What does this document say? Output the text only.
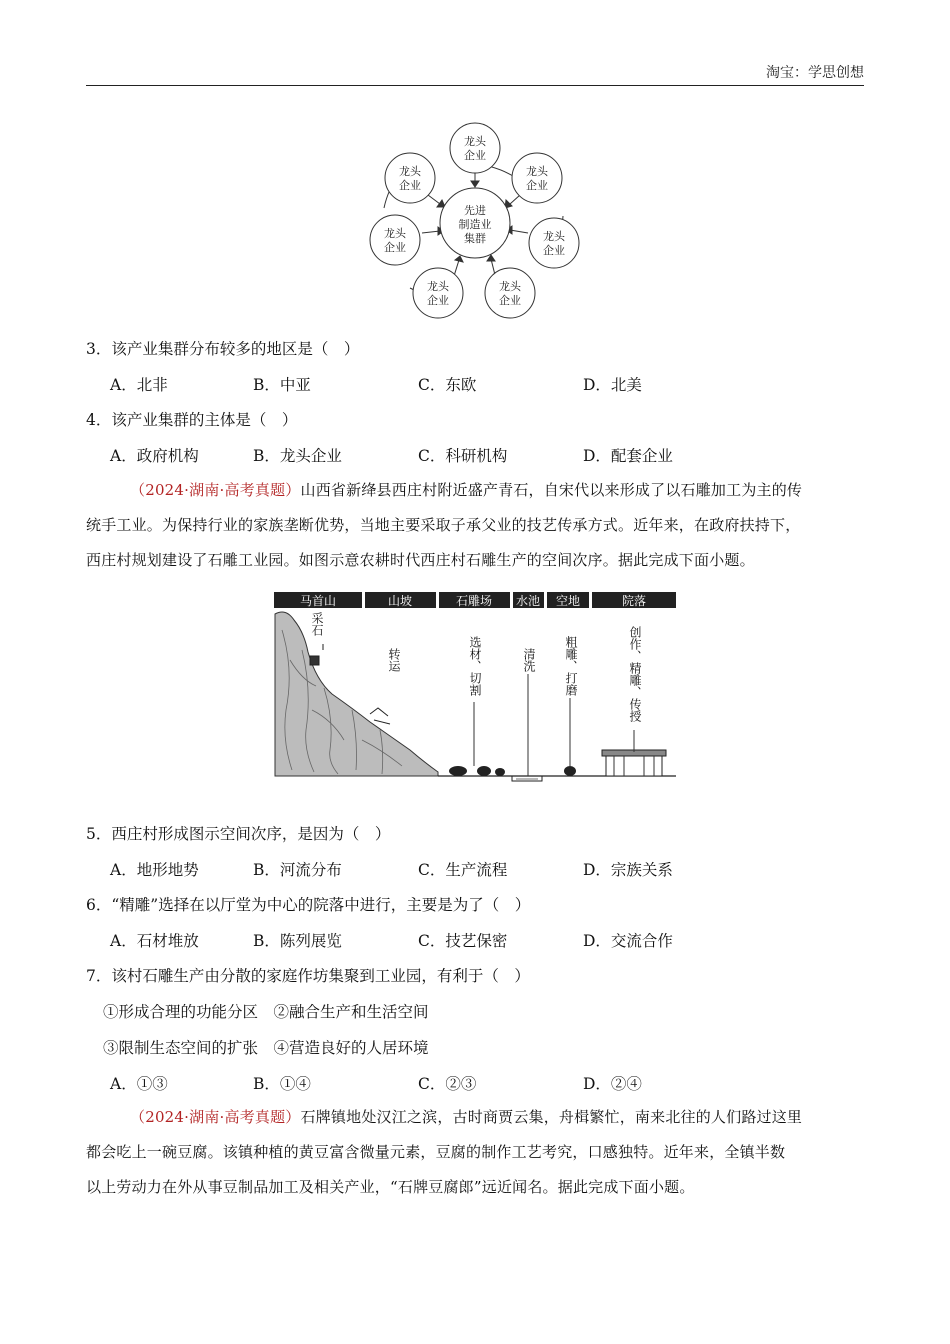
淘宝：学思创想
先进
制造业
集群
龙头
企业
龙头
企业
龙头
企业
龙头
企业
龙头
企业
龙头
企业
龙头
企业
3．该产业集群分布较多的地区是（　）
A．北非	B．中亚	C．东欧	D．北美
4．该产业集群的主体是（　）
A．政府机构	B．龙头企业	C．科研机构	D．配套企业
（2024·湖南·高考真题）山西省新绛县西庄村附近盛产青石，自宋代以来形成了以石雕加工为主的传
统手工业。为保持行业的家族垄断优势，当地主要采取子承父业的技艺传承方式。近年来，在政府扶持下，
西庄村规划建设了石雕工业园。如图示意农耕时代西庄村石雕生产的空间次序。据此完成下面小题。
马首山	山坡	石雕场 水池 空地	院落
采石
转运	选材、切割	清洗 粗雕、打磨	创作、精雕、传授
5．西庄村形成图示空间次序，是因为（　）
A．地形地势	B．河流分布	C．生产流程	D．宗族关系
6．“精雕”选择在以厅堂为中心的院落中进行，主要是为了（　）
A．石材堆放	B．陈列展览	C．技艺保密	D．交流合作
7．该村石雕生产由分散的家庭作坊集聚到工业园，有利于（　）
①形成合理的功能分区　②融合生产和生活空间
③限制生态空间的扩张　④营造良好的人居环境
A．①③	B．①④	C．②③	D．②④
（2024·湖南·高考真题）石牌镇地处汉江之滨，古时商贾云集，舟楫繁忙，南来北往的人们路过这里
都会吃上一碗豆腐。该镇种植的黄豆富含微量元素，豆腐的制作工艺考究，口感独特。近年来，全镇半数
以上劳动力在外从事豆制品加工及相关产业，“石牌豆腐郎”远近闻名。据此完成下面小题。
